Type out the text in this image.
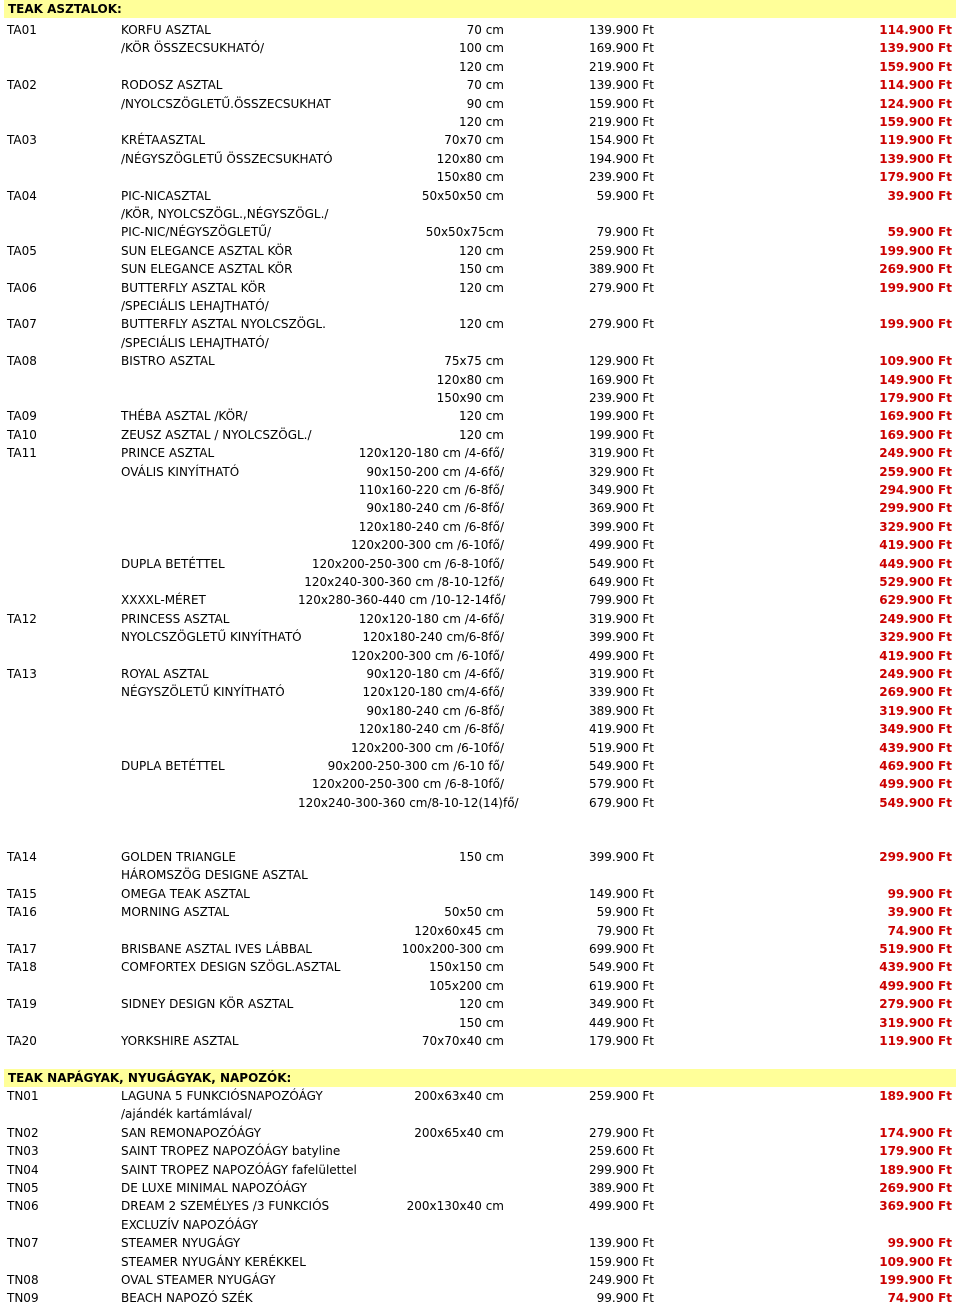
TEAK ASZTALOK:
TA01	KORFU ASZTAL	70 cm	139.900 Ft	114.900 Ft
/KÖR ÖSSZECSUKHATÓ/	100 cm	169.900 Ft	139.900 Ft
120 cm	219.900 Ft	159.900 Ft
TA02	RODOSZ ASZTAL	70 cm	139.900 Ft	114.900 Ft
/NYOLCSZÖGLETŰ.ÖSSZECSUKHAT	90 cm	159.900 Ft	124.900 Ft
120 cm	219.900 Ft	159.900 Ft
TA03	KRÉTAASZTAL	70x70 cm	154.900 Ft	119.900 Ft
/NÉGYSZÖGLETŰ ÖSSZECSUKHATÓ	120x80 cm	194.900 Ft	139.900 Ft
150x80 cm	239.900 Ft	179.900 Ft
TA04	PIC-NICASZTAL	50x50x50 cm	59.900 Ft	39.900 Ft
/KÖR, NYOLCSZÖGL.,NÉGYSZÖGL./
PIC-NIC/NÉGYSZÖGLETŰ/	50x50x75cm	79.900 Ft	59.900 Ft
TA05	SUN ELEGANCE ASZTAL KÖR	120 cm	259.900 Ft	199.900 Ft
SUN ELEGANCE ASZTAL KÖR	150 cm	389.900 Ft	269.900 Ft
TA06	BUTTERFLY ASZTAL KÖR	120 cm	279.900 Ft	199.900 Ft
/SPECIÁLIS LEHAJTHATÓ/
TA07	BUTTERFLY ASZTAL NYOLCSZÖGL.	120 cm	279.900 Ft	199.900 Ft
/SPECIÁLIS LEHAJTHATÓ/
TA08	BISTRO ASZTAL	75x75 cm	129.900 Ft	109.900 Ft
120x80 cm	169.900 Ft	149.900 Ft
150x90 cm	239.900 Ft	179.900 Ft
TA09	THÉBA ASZTAL /KÖR/	120 cm	199.900 Ft	169.900 Ft
TA10	ZEUSZ ASZTAL / NYOLCSZÖGL./	120 cm	199.900 Ft	169.900 Ft
TA11	PRINCE ASZTAL	120x120-180 cm /4-6fő/	319.900 Ft	249.900 Ft
OVÁLIS KINYÍTHATÓ	90x150-200 cm /4-6fő/	329.900 Ft	259.900 Ft
110x160-220 cm /6-8fő/	349.900 Ft	294.900 Ft
90x180-240 cm /6-8fő/	369.900 Ft	299.900 Ft
120x180-240 cm /6-8fő/	399.900 Ft	329.900 Ft
120x200-300 cm /6-10fő/	499.900 Ft	419.900 Ft
DUPLA BETÉTTEL	120x200-250-300 cm /6-8-10fő/	549.900 Ft	449.900 Ft
120x240-300-360 cm /8-10-12fő/	649.900 Ft	529.900 Ft
XXXXL-MÉRET	120x280-360-440 cm /10-12-14fő/	799.900 Ft	629.900 Ft
TA12	PRINCESS ASZTAL	120x120-180 cm /4-6fő/	319.900 Ft	249.900 Ft
NYOLCSZÖGLETŰ KINYÍTHATÓ	120x180-240 cm/6-8fő/	399.900 Ft	329.900 Ft
120x200-300 cm /6-10fő/	499.900 Ft	419.900 Ft
TA13	ROYAL ASZTAL	90x120-180 cm /4-6fő/	319.900 Ft	249.900 Ft
NÉGYSZÖLETŰ KINYÍTHATÓ	120x120-180 cm/4-6fő/	339.900 Ft	269.900 Ft
90x180-240 cm /6-8fő/	389.900 Ft	319.900 Ft
120x180-240 cm /6-8fő/	419.900 Ft	349.900 Ft
120x200-300 cm /6-10fő/	519.900 Ft	439.900 Ft
DUPLA BETÉTTEL	90x200-250-300 cm /6-10 fő/	549.900 Ft	469.900 Ft
120x200-250-300 cm /6-8-10fő/	579.900 Ft	499.900 Ft
120x240-300-360 cm/8-10-12(14)fő/	679.900 Ft	549.900 Ft
TA14	GOLDEN TRIANGLE	150 cm	399.900 Ft	299.900 Ft
HÁROMSZÖG DESIGNE ASZTAL
TA15	OMEGA TEAK ASZTAL	149.900 Ft	99.900 Ft
TA16	MORNING ASZTAL	50x50 cm	59.900 Ft	39.900 Ft
120x60x45 cm	79.900 Ft	74.900 Ft
TA17	BRISBANE ASZTAL IVES LÁBBAL	100x200-300 cm	699.900 Ft	519.900 Ft
TA18	COMFORTEX DESIGN SZÖGL.ASZTAL	150x150 cm	549.900 Ft	439.900 Ft
105x200 cm	619.900 Ft	499.900 Ft
TA19	SIDNEY DESIGN KÖR ASZTAL	120 cm	349.900 Ft	279.900 Ft
150 cm	449.900 Ft	319.900 Ft
TA20	YORKSHIRE ASZTAL	70x70x40 cm	179.900 Ft	119.900 Ft
TEAK NAPÁGYAK, NYUGÁGYAK, NAPOZÓK:
TN01	LAGUNA 5 FUNKCIÓSNAPOZÓÁGY	200x63x40 cm	259.900 Ft	189.900 Ft
/ajándék kartámlával/
TN02	SAN REMONAPOZÓÁGY	200x65x40 cm	279.900 Ft	174.900 Ft
TN03	SAINT TROPEZ NAPOZÓÁGY batyline	259.600 Ft	179.900 Ft
TN04	SAINT TROPEZ NAPOZÓÁGY fafelülettel	299.900 Ft	189.900 Ft
TN05	DE LUXE MINIMAL NAPOZÓÁGY	389.900 Ft	269.900 Ft
TN06	DREAM 2 SZEMÉLYES /3 FUNKCIÓS	200x130x40 cm	499.900 Ft	369.900 Ft
EXCLUZÍV NAPOZÓÁGY
TN07	STEAMER NYUGÁGY	139.900 Ft	99.900 Ft
STEAMER NYUGÁNY KERÉKKEL	159.900 Ft	109.900 Ft
TN08	OVAL STEAMER NYUGÁGY	249.900 Ft	199.900 Ft
TN09	BEACH NAPOZÓ SZÉK	99.900 Ft	74.900 Ft
